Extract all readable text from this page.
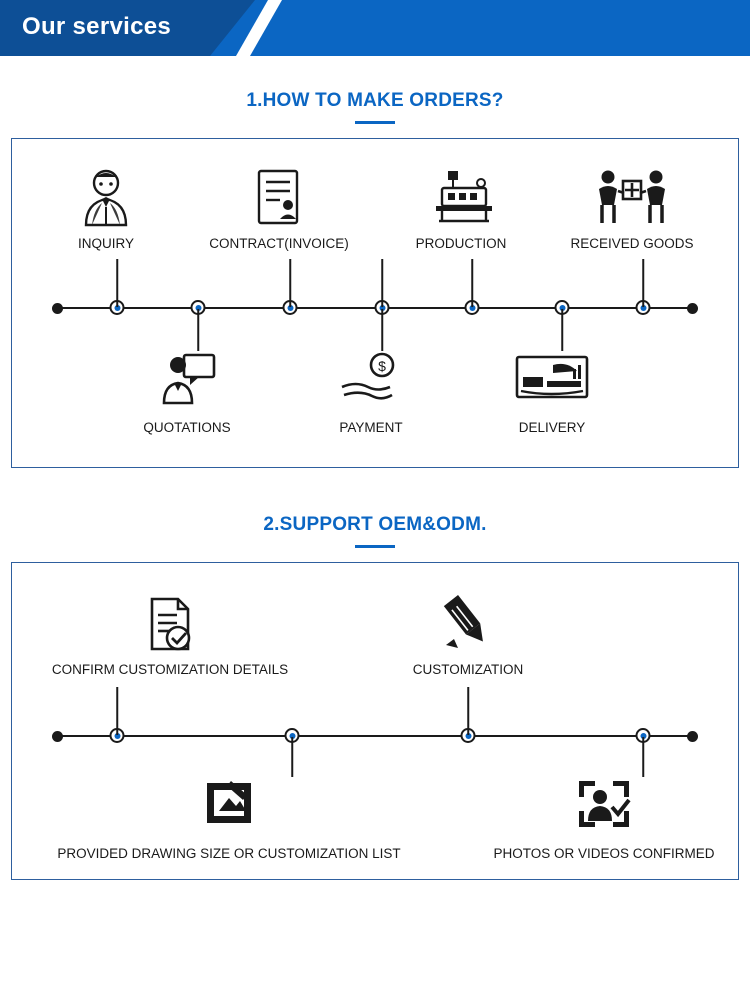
Our services
1.HOW TO MAKE ORDERS?
INQUIRY	CONTRACT(INVOICE)	PRODUCTION	RECEIVED GOODS
QUOTATIONS
$
PAYMENT	DELIVERY
2.SUPPORT OEM&ODM.
CONFIRM CUSTOMIZATION DETAILS	CUSTOMIZATION
PROVIDED DRAWING SIZE OR CUSTOMIZATION LIST	PHOTOS OR VIDEOS CONFIRMED
